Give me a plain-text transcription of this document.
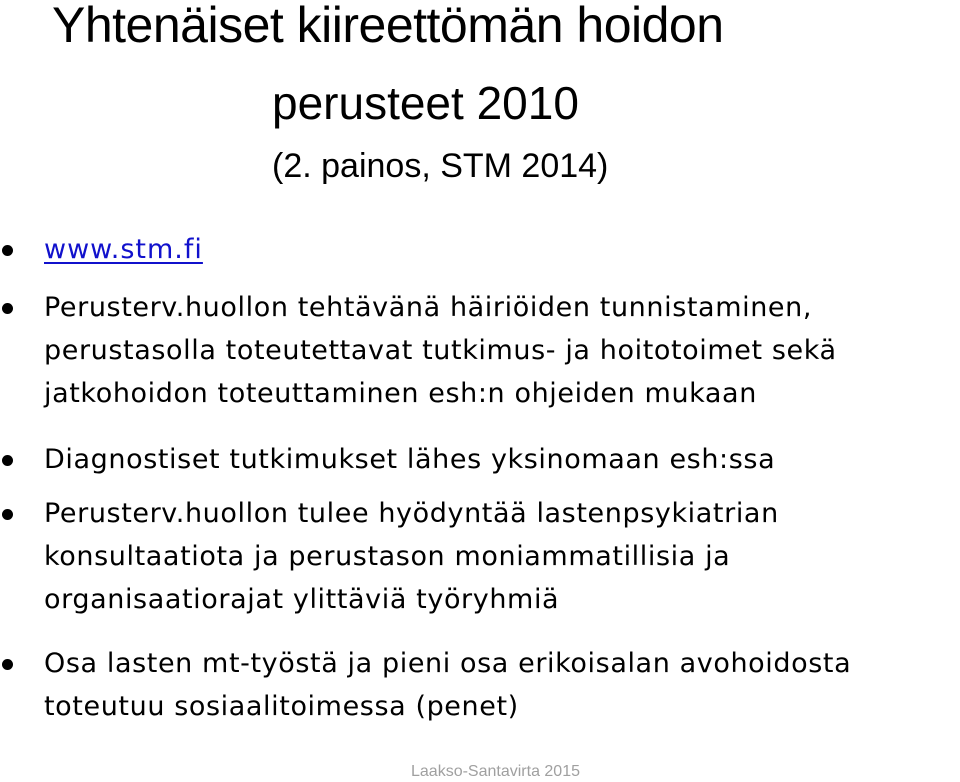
Yhtenäiset kiireettömän hoidon
perusteet 2010
(2. painos, STM 2014)
www.stm.fi
Perusterv.huollon tehtävänä häiriöiden tunnistaminen,
perustasolla toteutettavat tutkimus- ja hoitotoimet sekä
jatkohoidon toteuttaminen esh:n ohjeiden mukaan
Diagnostiset tutkimukset lähes yksinomaan esh:ssa
Perusterv.huollon tulee hyödyntää lastenpsykiatrian
konsultaatiota ja perustason moniammatillisia ja
organisaatiorajat ylittäviä työryhmiä
Osa lasten mt-työstä ja pieni osa erikoisalan avohoidosta
toteutuu sosiaalitoimessa (penet)
Laakso-Santavirta 2015
